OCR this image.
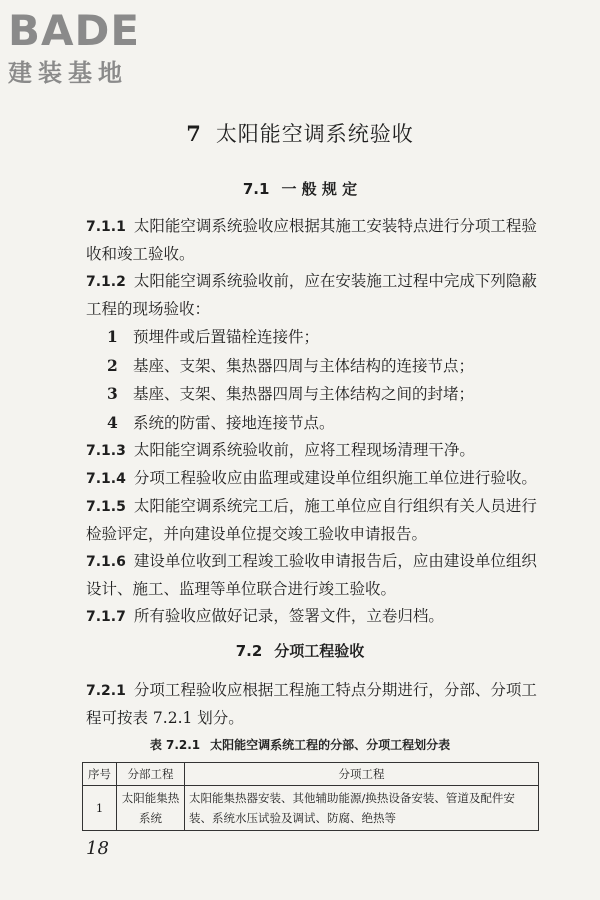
BADE
建装基地
7 太阳能空调系统验收
7.1 一 般 规 定

7.1.1 太阳能空调系统验收应根据其施工安装特点进行分项工程验收和竣工验收。

7.1.2 太阳能空调系统验收前，应在安装施工过程中完成下列隐蔽工程的现场验收：

1 预埋件或后置锚栓连接件；
2 基座、支架、集热器四周与主体结构的连接节点；
3 基座、支架、集热器四周与主体结构之间的封堵；
4 系统的防雷、接地连接节点。

7.1.3 太阳能空调系统验收前，应将工程现场清理干净。

7.1.4 分项工程验收应由监理或建设单位组织施工单位进行验收。

7.1.5 太阳能空调系统完工后，施工单位应自行组织有关人员进行检验评定，并向建设单位提交竣工验收申请报告。

7.1.6 建设单位收到工程竣工验收申请报告后，应由建设单位组织设计、施工、监理等单位联合进行竣工验收。

7.1.7 所有验收应做好记录，签署文件，立卷归档。

7.2 分项工程验收

7.2.1 分项工程验收应根据工程施工特点分期进行，分部、分项工程可按表 7.2.1 划分。

表 7.2.1 太阳能空调系统工程的分部、分项工程划分表
序号	分部工程	分项工程
1	太阳能集热系统	太阳能集热器安装、其他辅助能源/换热设备安装、管道及配件安装、系统水压试验及调试、防腐、绝热等
18
